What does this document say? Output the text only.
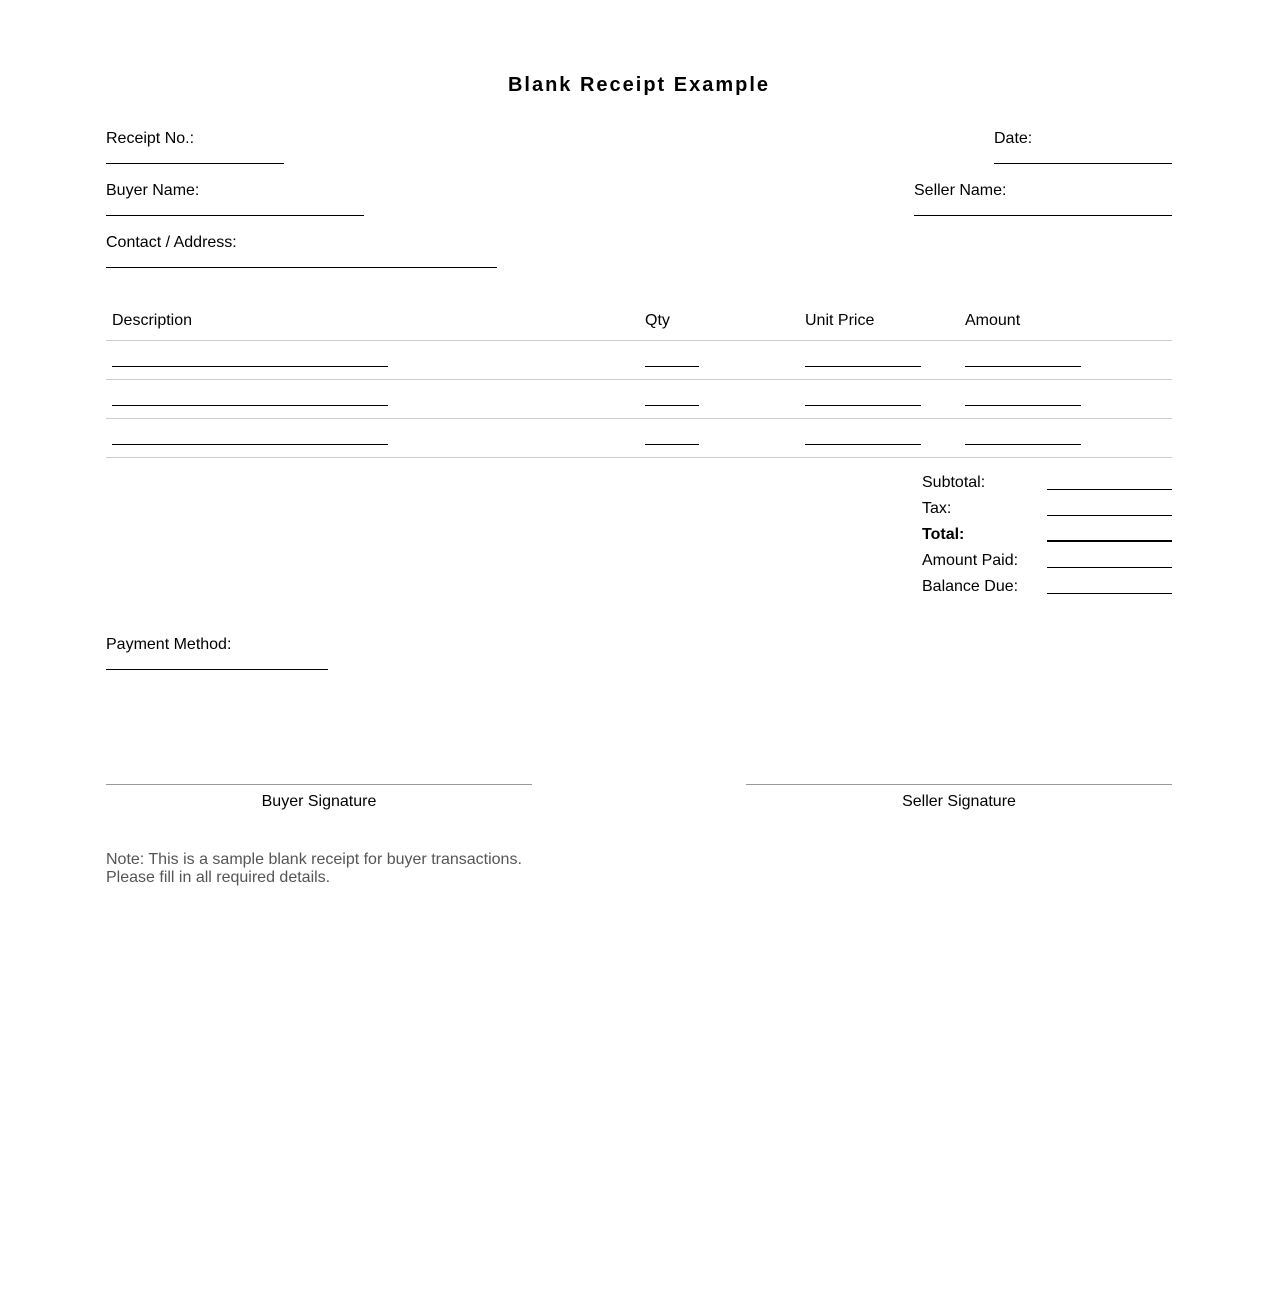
Blank Receipt Example
Receipt No.:	Date:
Buyer Name:	Seller Name:
Contact / Address:
Description	Qty	Unit Price	Amount
Subtotal:
Tax:
Total:
Amount Paid:
Balance Due:
Payment Method:
Buyer Signature	Seller Signature
Note: This is a sample blank receipt for buyer transactions.
Please fill in all required details.
